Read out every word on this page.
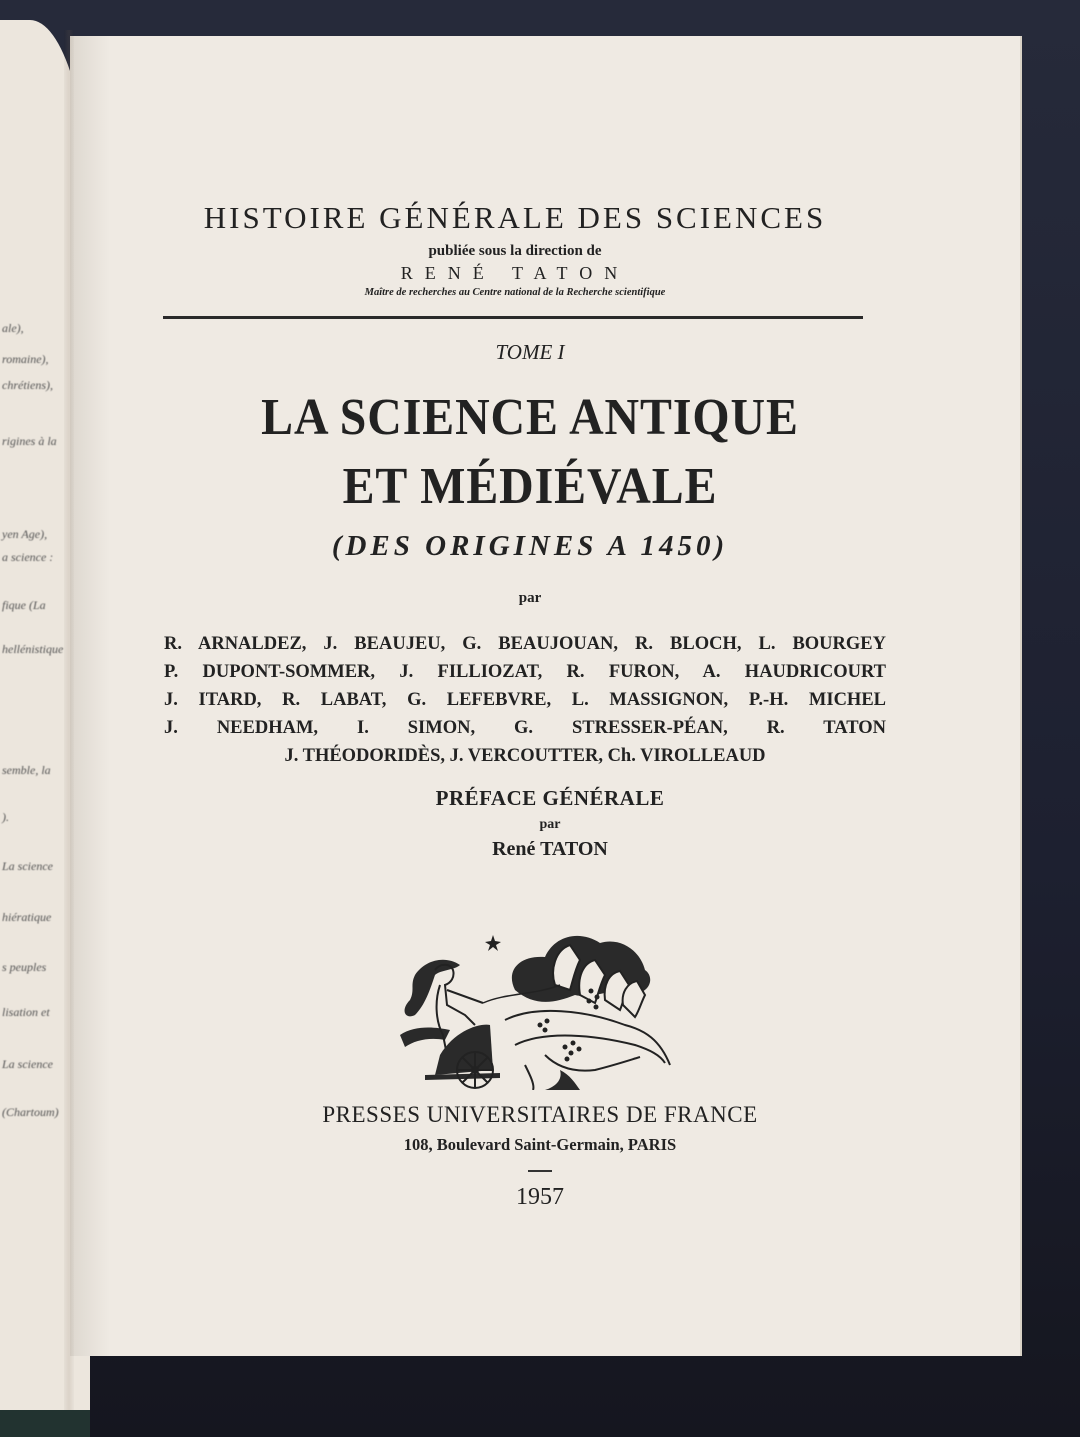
ale),
romaine),
chrétiens),
rigines à la
yen Age),
a science :
fique (La
hellénistique
semble, la
).
La science
hiératique
s peuples
lisation et
La science
(Chartoum)
HISTOIRE GÉNÉRALE DES SCIENCES
publiée sous la direction de
RENÉ TATON
Maître de recherches au Centre national de la Recherche scientifique
TOME I
LA SCIENCE ANTIQUE
ET MÉDIÉVALE
(DES ORIGINES A 1450)
par
R. ARNALDEZ, J. BEAUJEU, G. BEAUJOUAN, R. BLOCH, L. BOURGEY
P. DUPONT-SOMMER, J. FILLIOZAT, R. FURON, A. HAUDRICOURT
J. ITARD, R. LABAT, G. LEFEBVRE, L. MASSIGNON, P.-H. MICHEL
J. NEEDHAM, I. SIMON, G. STRESSER-PÉAN, R. TATON
J. THÉODORIDÈS, J. VERCOUTTER, Ch. VIROLLEAUD
PRÉFACE GÉNÉRALE
par
René TATON
PRESSES UNIVERSITAIRES DE FRANCE
108, Boulevard Saint-Germain, PARIS
1957
